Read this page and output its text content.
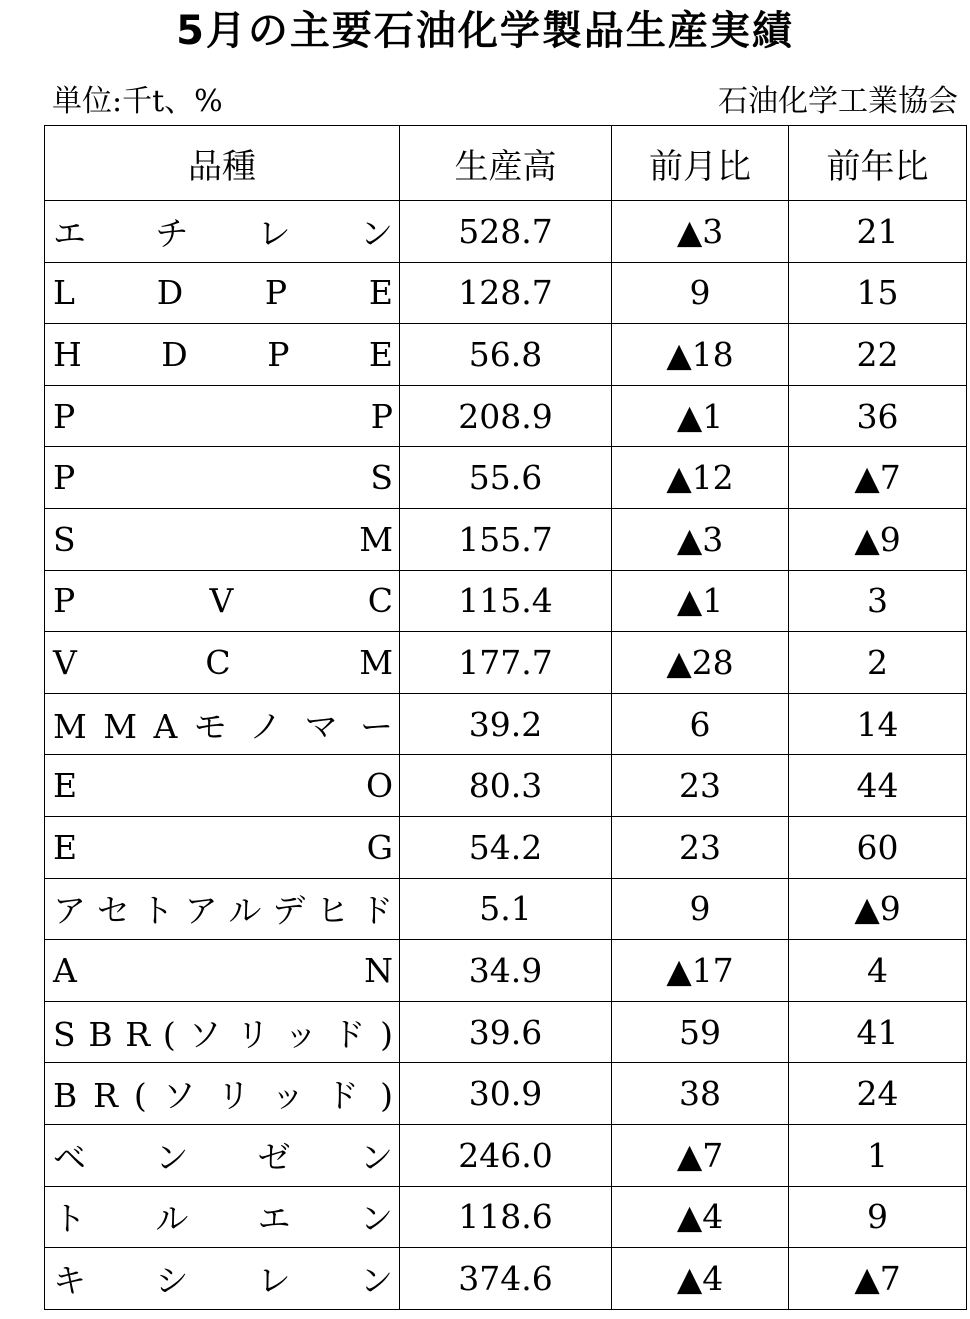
5月の主要石油化学製品生産実績
単位:千t、%	石油化学工業協会
品種	生産高	前月比	前年比
エ チ レ ン	528.7	▲3	21
L D P E	128.7	9	15
H D P E	56.8	▲18	22
P P	208.9	▲1	36
P S	55.6	▲12	▲7
S M	155.7	▲3	▲9
P V C	115.4	▲1	3
V C M	177.7	▲28	2
M M A モ ノ マ ー	39.2	6	14
E O	80.3	23	44
E G	54.2	23	60
ア セ ト ア ル デ ヒ ド	5.1	9	▲9
A N	34.9	▲17	4
S B R ( ソ リ ッ ド )	39.6	59	41
B R ( ソ リ ッ ド )	30.9	38	24
ベ ン ゼ ン	246.0	▲7	1
ト ル エ ン	118.6	▲4	9
キ シ レ ン	374.6	▲4	▲7
